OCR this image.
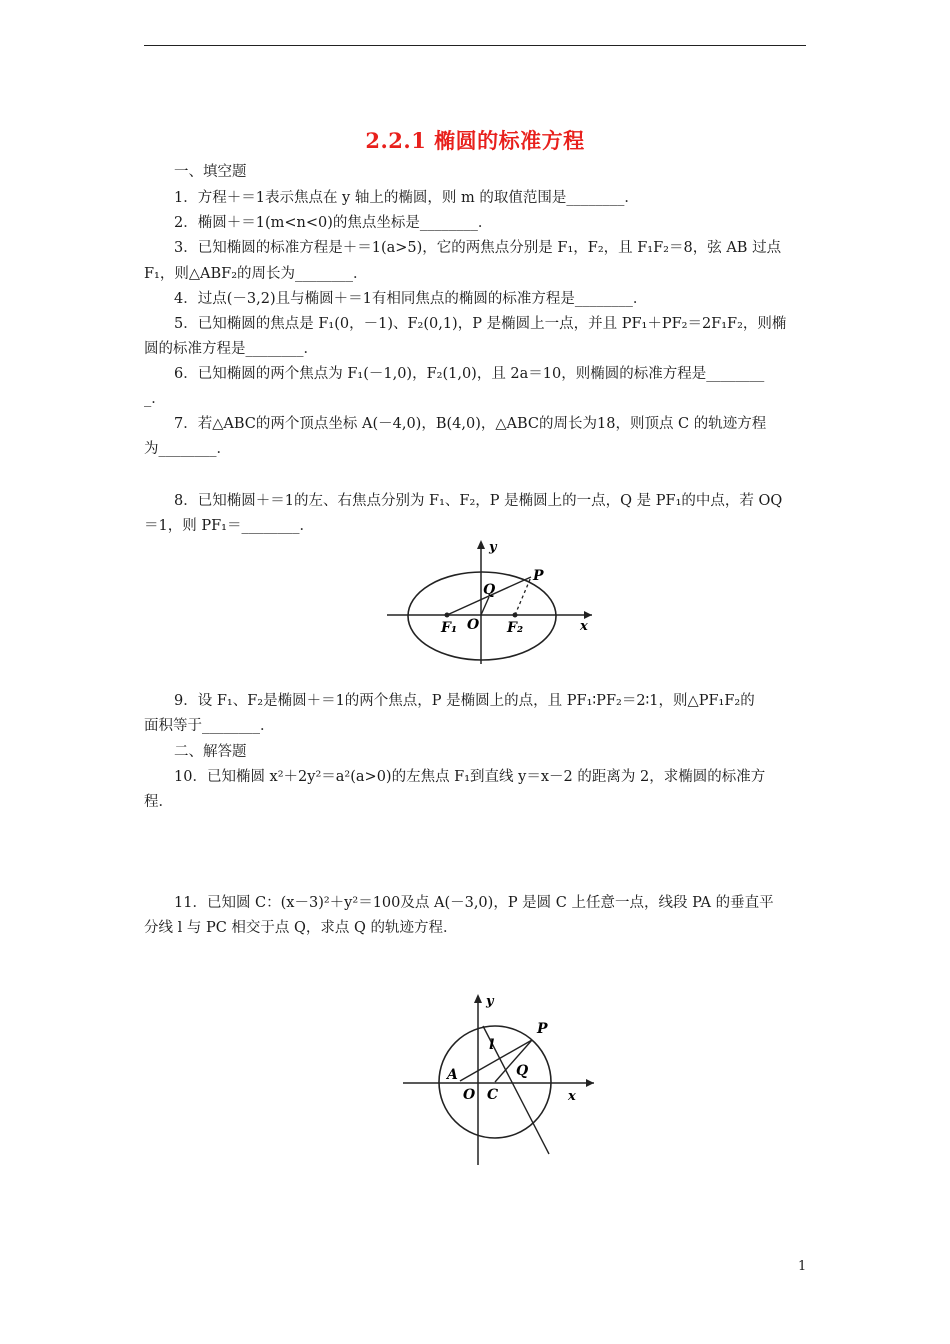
2.2.1 椭圆的标准方程
一、填空题
1．方程＋＝1表示焦点在 y 轴上的椭圆，则 m 的取值范围是________．
2．椭圆＋＝1(m<n<0)的焦点坐标是________．
3．已知椭圆的标准方程是＋＝1(a>5)，它的两焦点分别是 F₁，F₂，且 F₁F₂＝8，弦 AB 过点
F₁，则△ABF₂的周长为________．
4．过点(－3,2)且与椭圆＋＝1有相同焦点的椭圆的标准方程是________．
5．已知椭圆的焦点是 F₁(0，－1)、F₂(0,1)，P 是椭圆上一点，并且 PF₁＋PF₂＝2F₁F₂，则椭
圆的标准方程是________．
6．已知椭圆的两个焦点为 F₁(－1,0)，F₂(1,0)，且 2a＝10，则椭圆的标准方程是________
_．
7．若△ABC的两个顶点坐标 A(－4,0)，B(4,0)，△ABC的周长为18，则顶点 C 的轨迹方程
为________．
8．已知椭圆＋＝1的左、右焦点分别为 F₁、F₂，P 是椭圆上的一点，Q 是 PF₁的中点，若 OQ
＝1，则 PF₁＝________．
y
x
P
Q
O
F₁	F₂
9．设 F₁、F₂是椭圆＋＝1的两个焦点，P 是椭圆上的点，且 PF₁∶PF₂＝2∶1，则△PF₁F₂的
面积等于________．
二、解答题
10．已知椭圆 x²＋2y²＝a²(a>0)的左焦点 F₁到直线 y＝x－2 的距离为 2，求椭圆的标准方
程．
11．已知圆 C：(x－3)²＋y²＝100及点 A(－3,0)，P 是圆 C 上任意一点，线段 PA 的垂直平
分线 l 与 PC 相交于点 Q，求点 Q 的轨迹方程．
y
x
P
l
A	Q
O C
1
